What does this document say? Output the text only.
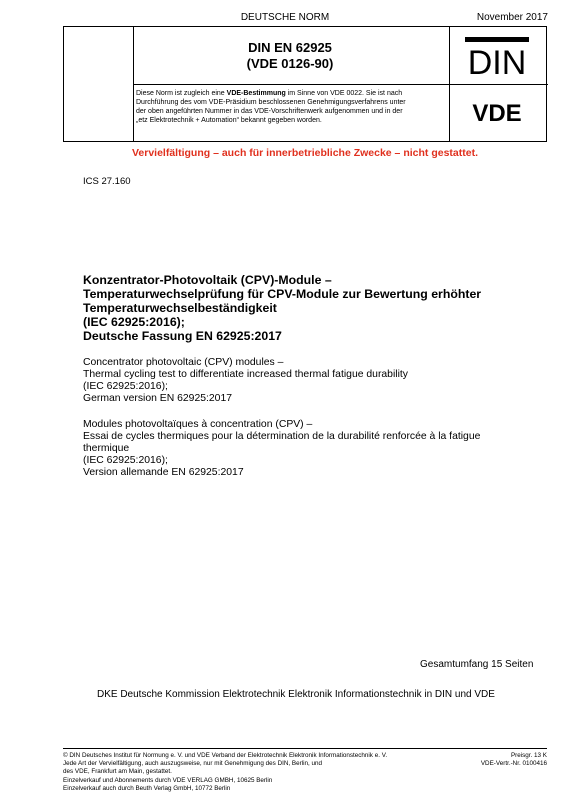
DEUTSCHE NORM	November 2017
DIN EN 62925
(VDE 0126-90)
Diese Norm ist zugleich eine VDE-Bestimmung im Sinne von VDE 0022. Sie ist nach
Durchführung des vom VDE-Präsidium beschlossenen Genehmigungsverfahrens unter
der oben angeführten Nummer in das VDE-Vorschriftenwerk aufgenommen und in der
„etz Elektrotechnik + Automation“ bekannt gegeben worden.
DIN
VDE
Vervielfältigung – auch für innerbetriebliche Zwecke – nicht gestattet.
ICS 27.160
Konzentrator-Photovoltaik (CPV)-Module –
Temperaturwechselprüfung für CPV-Module zur Bewertung erhöhter
Temperaturwechselbeständigkeit
(IEC 62925:2016);
Deutsche Fassung EN 62925:2017
Concentrator photovoltaic (CPV) modules –
Thermal cycling test to differentiate increased thermal fatigue durability
(IEC 62925:2016);
German version EN 62925:2017
Modules photovoltaïques à concentration (CPV) –
Essai de cycles thermiques pour la détermination de la durabilité renforcée à la fatigue
thermique
(IEC 62925:2016);
Version allemande EN 62925:2017
Gesamtumfang 15 Seiten
DKE Deutsche Kommission Elektrotechnik Elektronik Informationstechnik in DIN und VDE
© DIN Deutsches Institut für Normung e. V. und VDE Verband der Elektrotechnik Elektronik Informationstechnik e. V.
Jede Art der Vervielfältigung, auch auszugsweise, nur mit Genehmigung des DIN, Berlin, und
des VDE, Frankfurt am Main, gestattet.
Einzelverkauf und Abonnements durch VDE VERLAG GMBH, 10625 Berlin
Einzelverkauf auch durch Beuth Verlag GmbH, 10772 Berlin
Preisgr. 13 K
VDE-Vertr.-Nr. 0100416
